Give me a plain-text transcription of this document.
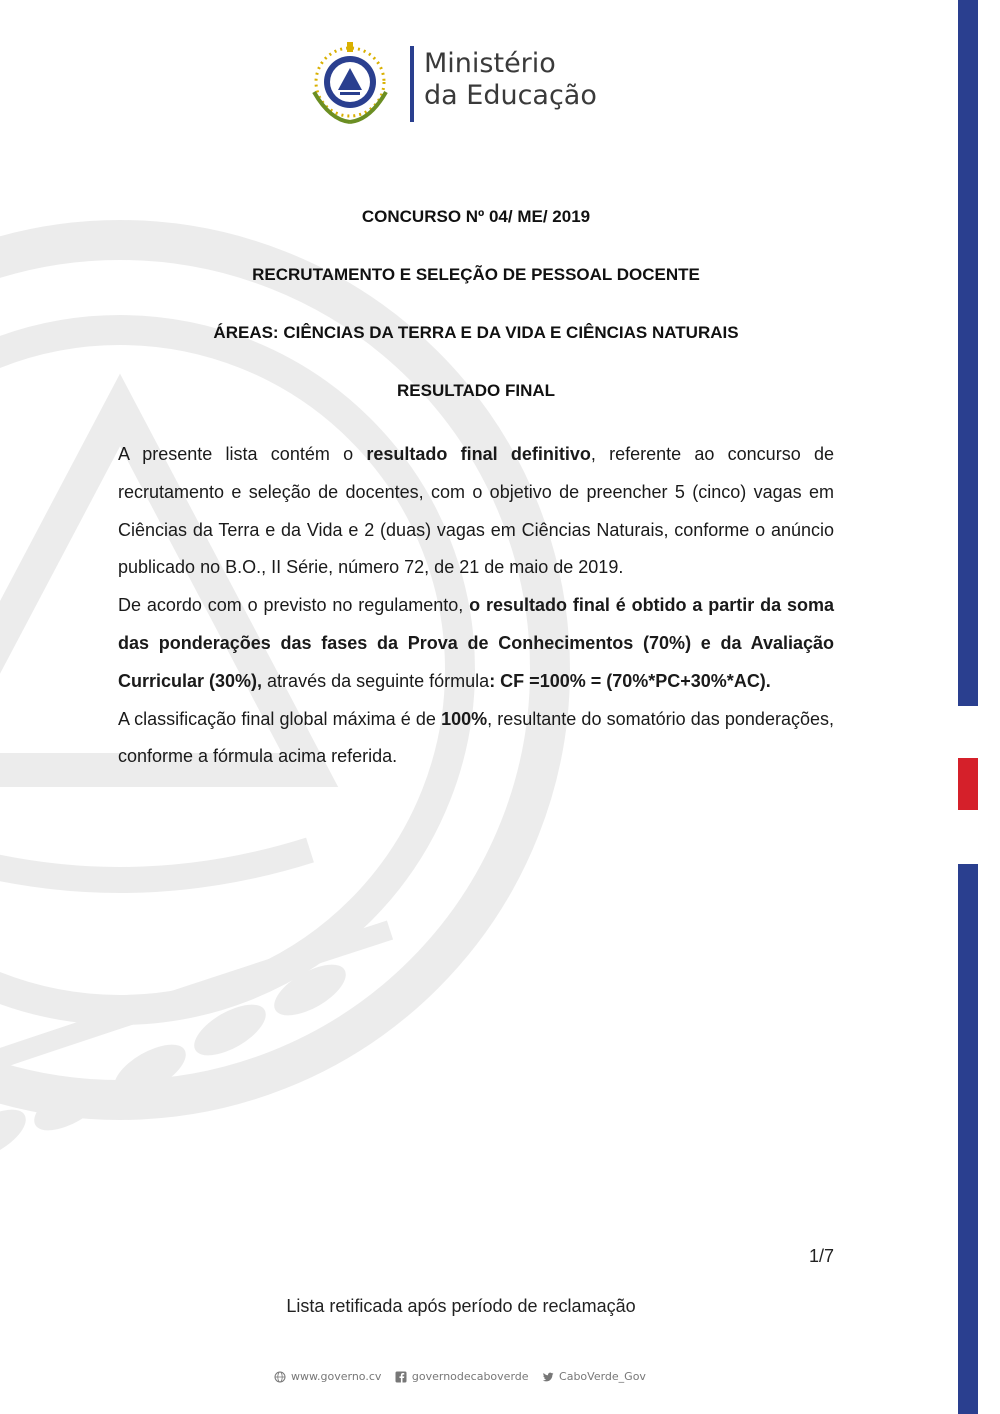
Ministério
da Educação
CONCURSO Nº 04/ ME/ 2019
RECRUTAMENTO E SELEÇÃO DE PESSOAL DOCENTE
ÁREAS: CIÊNCIAS DA TERRA E DA VIDA E CIÊNCIAS NATURAIS
RESULTADO FINAL

A presente lista contém o resultado final definitivo, referente ao concurso de recrutamento e seleção de docentes, com o objetivo de preencher 5 (cinco) vagas em Ciências da Terra e da Vida e 2 (duas) vagas em Ciências Naturais, conforme o anúncio publicado no B.O., II Série, número 72, de 21 de maio de 2019.

De acordo com o previsto no regulamento, o resultado final é obtido a partir da soma das ponderações das fases da Prova de Conhecimentos (70%) e da Avaliação Curricular (30%), através da seguinte fórmula: CF =100% = (70%*PC+30%*AC).

A classificação final global máxima é de 100%, resultante do somatório das ponderações, conforme a fórmula acima referida.

1/7
Lista retificada após período de reclamação
www.governo.cv
	governodecaboverde
	CaboVerde_Gov
